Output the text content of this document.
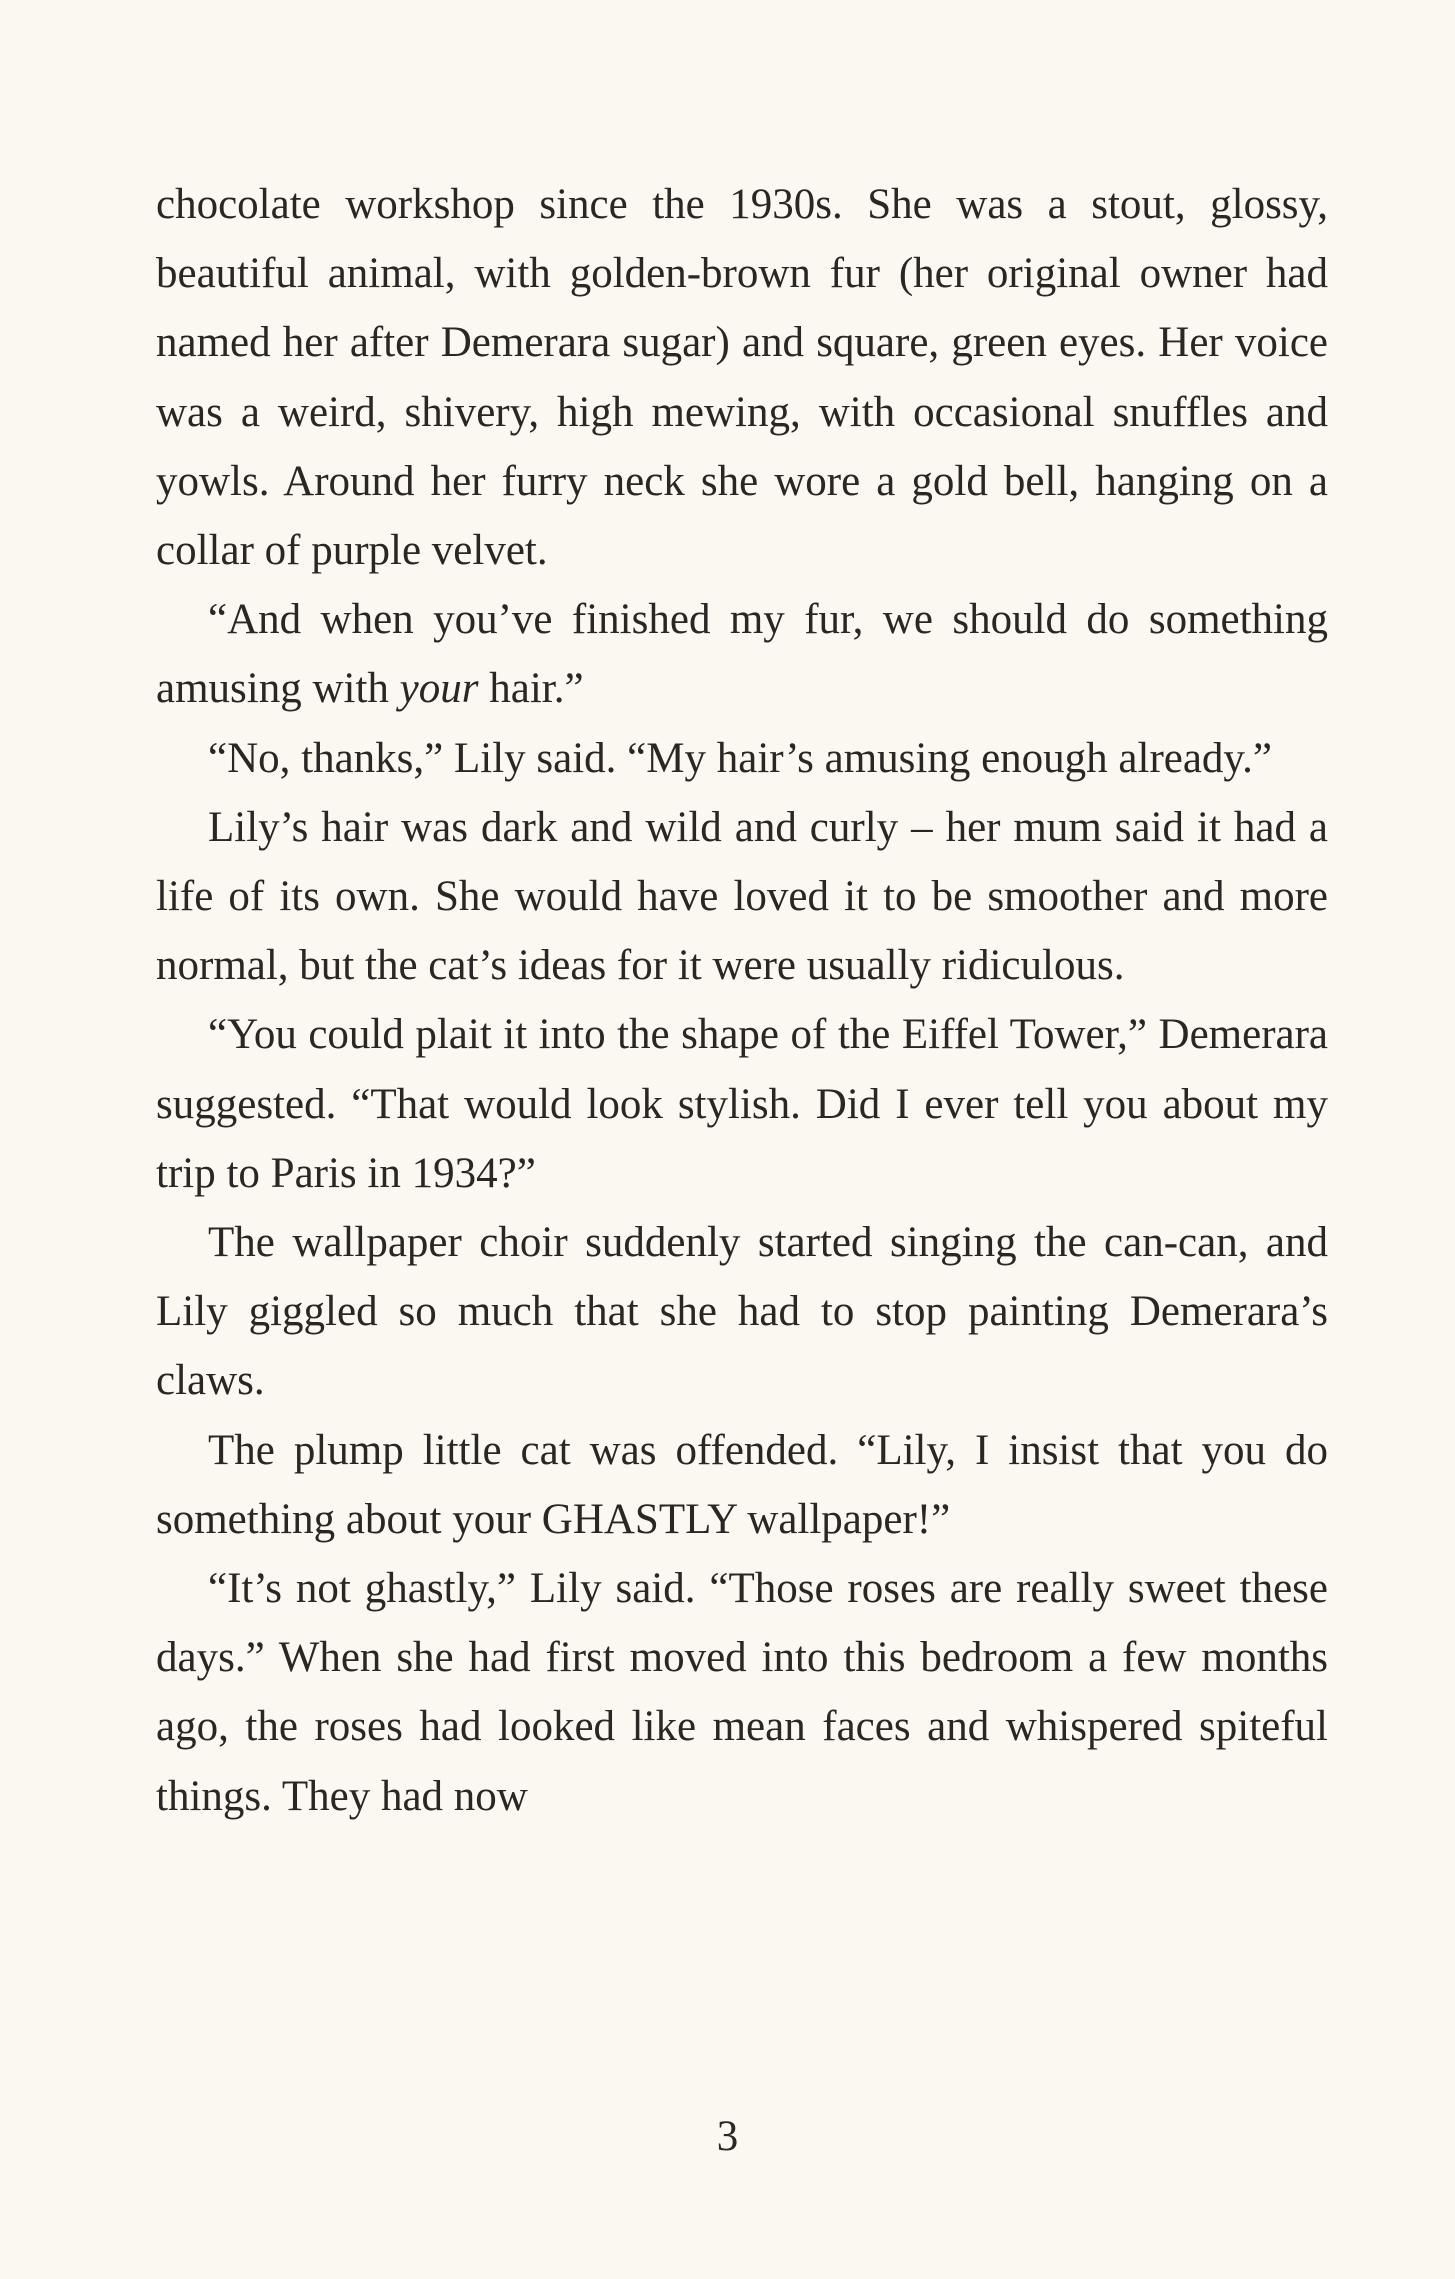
chocolate workshop since the 1930s. She was a stout, glossy, beautiful animal, with golden-brown fur (her original owner had named her after Demerara sugar) and square, green eyes. Her voice was a weird, shivery, high mewing, with occasional snuffles and yowls. Around her furry neck she wore a gold bell, hanging on a collar of purple velvet.

“And when you’ve finished my fur, we should do something amusing with your hair.”

“No, thanks,” Lily said. “My hair’s amusing enough already.”

Lily’s hair was dark and wild and curly – her mum said it had a life of its own. She would have loved it to be smoother and more normal, but the cat’s ideas for it were usually ridiculous.

“You could plait it into the shape of the Eiffel Tower,” Demerara suggested. “That would look stylish. Did I ever tell you about my trip to Paris in 1934?”

The wallpaper choir suddenly started singing the can-can, and Lily giggled so much that she had to stop painting Demerara’s claws.

The plump little cat was offended. “Lily, I insist that you do something about your GHASTLY wallpaper!”

“It’s not ghastly,” Lily said. “Those roses are really sweet these days.” When she had first moved into this bedroom a few months ago, the roses had looked like mean faces and whispered spiteful things. They had now

3
